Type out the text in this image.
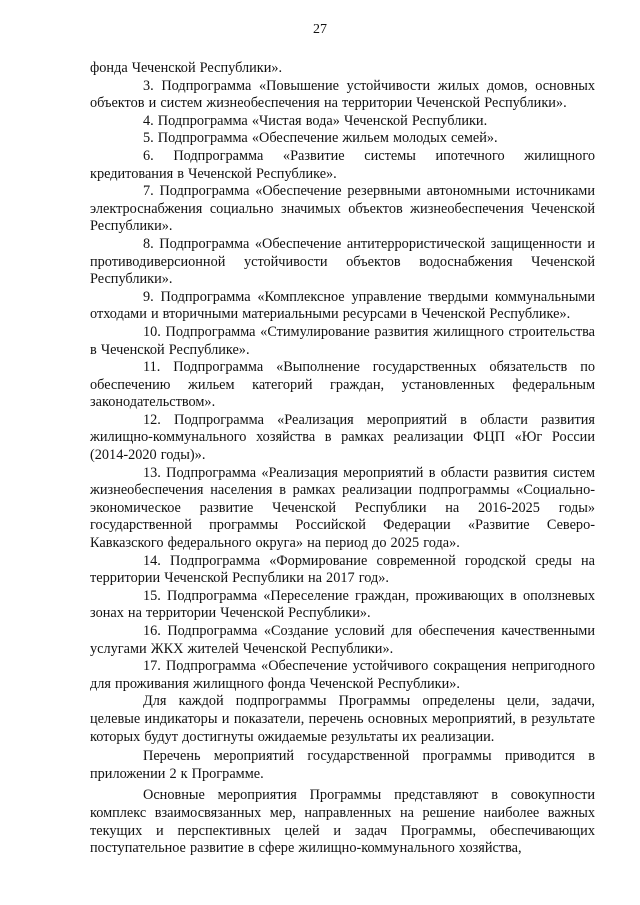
27

фонда Чеченской Республики».

3. Подпрограмма «Повышение устойчивости жилых домов, основных объектов и систем жизнеобеспечения на территории Чеченской Республики».

4. Подпрограмма «Чистая вода» Чеченской Республики.

5. Подпрограмма «Обеспечение жильем молодых семей».

6. Подпрограмма «Развитие системы ипотечного жилищного кредитования в Чеченской Республике».

7. Подпрограмма «Обеспечение резервными автономными источниками электроснабжения социально значимых объектов жизнеобеспечения Чеченской Республики».

8. Подпрограмма «Обеспечение антитеррористической защищенности и противодиверсионной устойчивости объектов водоснабжения Чеченской Республики».

9. Подпрограмма «Комплексное управление твердыми коммунальными отходами и вторичными материальными ресурсами в Чеченской Республике».

10. Подпрограмма «Стимулирование развития жилищного строительства в Чеченской Республике».

11. Подпрограмма «Выполнение государственных обязательств по обеспечению жильем категорий граждан, установленных федеральным законодательством».

12. Подпрограмма «Реализация мероприятий в области развития жилищно-коммунального хозяйства в рамках реализации ФЦП «Юг России (2014-2020 годы)».

13. Подпрограмма «Реализация мероприятий в области развития систем жизнеобеспечения населения в рамках реализации подпрограммы «Социально-экономическое развитие Чеченской Республики на 2016-2025 годы» государственной программы Российской Федерации «Развитие Северо-Кавказского федерального округа» на период до 2025 года».

14. Подпрограмма «Формирование современной городской среды на территории Чеченской Республики на 2017 год».

15. Подпрограмма «Переселение граждан, проживающих в оползневых зонах на территории Чеченской Республики».

16. Подпрограмма «Создание условий для обеспечения качественными услугами ЖКХ жителей Чеченской Республики».

17. Подпрограмма «Обеспечение устойчивого сокращения непригодного для проживания жилищного фонда Чеченской Республики».

Для каждой подпрограммы Программы определены цели, задачи, целевые индикаторы и показатели, перечень основных мероприятий, в результате которых будут достигнуты ожидаемые результаты их реализации.

Перечень мероприятий государственной программы приводится в приложении 2 к Программе.

Основные мероприятия Программы представляют в совокупности комплекс взаимосвязанных мер, направленных на решение наиболее важных текущих и перспективных целей и задач Программы, обеспечивающих поступательное развитие в сфере жилищно-коммунального хозяйства,
